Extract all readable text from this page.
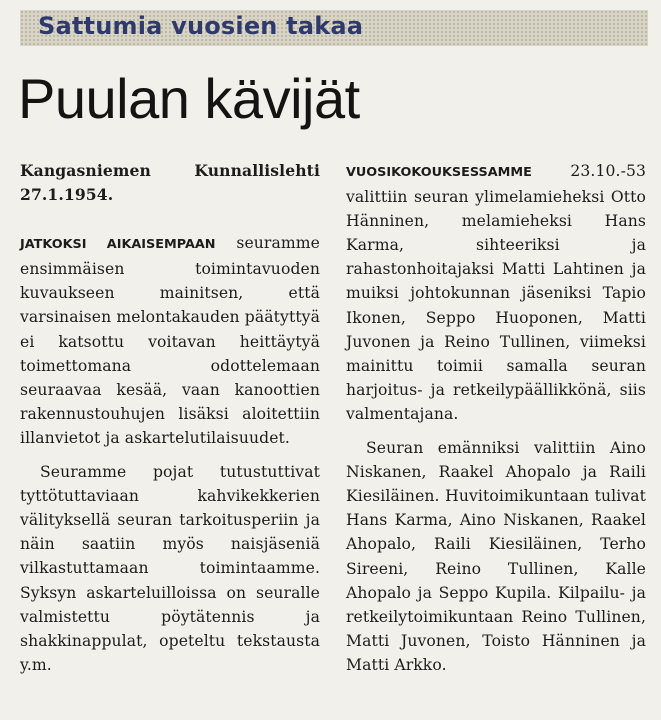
Sattumia vuosien takaa
Puulan kävijät

Kangasniemen Kunnallislehti 27.1.1954.

JATKOKSI AIKAISEMPAAN seuramme ensimmäisen toimintavuoden kuvaukseen mainitsen, että varsinaisen melontakauden päätyttyä ei katsottu voitavan heittäytyä toimettomana odottelemaan seuraavaa kesää, vaan kanoottien rakennustouhujen lisäksi aloitettiin illanvietot ja askartelutilaisuudet.

Seuramme pojat tutustuttivat tyttötuttaviaan kahvikekkerien välityksellä seuran tarkoitusperiin ja näin saatiin myös naisjäseniä vilkastuttamaan toimintaamme. Syksyn askarteluilloissa on seuralle valmistettu pöytätennis ja shakkinappulat, opeteltu tekstausta y.m.

VUOSIKOKOUKSESSAMME 23.10.-53 valittiin seuran ylimelamieheksi Otto Hänninen, melamieheksi Hans Karma, sihteeriksi ja rahastonhoitajaksi Matti Lahtinen ja muiksi johtokunnan jäseniksi Tapio Ikonen, Seppo Huoponen, Matti Juvonen ja Reino Tullinen, viimeksi mainittu toimii samalla seuran harjoitus- ja retkeilypäällikkönä, siis valmentajana.

Seuran emänniksi valittiin Aino Niskanen, Raakel Ahopalo ja Raili Kiesiläinen. Huvitoimikuntaan tulivat Hans Karma, Aino Niskanen, Raakel Ahopalo, Raili Kiesiläinen, Terho Sireeni, Reino Tullinen, Kalle Ahopalo ja Seppo Kupila. Kilpailu- ja retkeilytoimikuntaan Reino Tullinen, Matti Juvonen, Toisto Hänninen ja Matti Arkko.
